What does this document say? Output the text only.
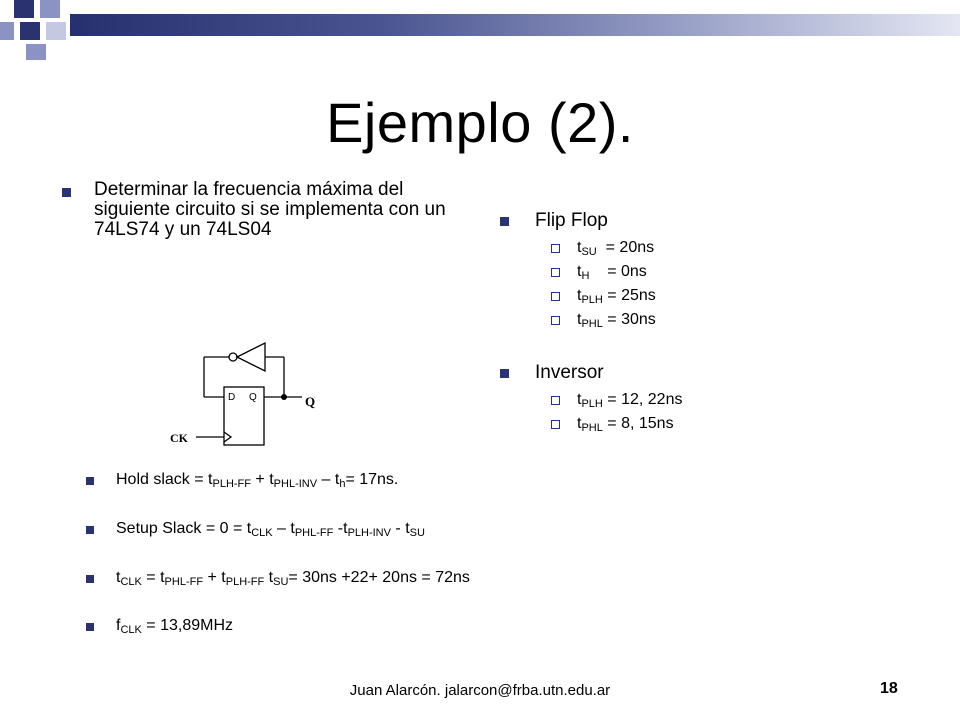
Ejemplo (2).
Determinar la frecuencia máxima del siguiente circuito si se implementa con un 74LS74 y un 74LS04	Flip Flop
$t_{SU} = 20ns$
$t_H$    = 0ns
$t_{PLH} = 25ns$
$t_{PHL} = 30ns$
Inversor
$t_{PLH} = 12$, 22ns
$t_{PHL} = 8$, 15ns
D Q	Q
CK
Hold slack = $t_{PLH-FF} + t_{PHL-INV} - t_h= 17ns$.
Setup Slack = $0 = t_{CLK} - t_{PHL-FF}$ $-t_{PLH-INV} - t_{SU}$
$t_{CLK} = t_{PHL-FF} + t_{PLH-FF}$ $t_{SU}= 30ns +22+ 20ns = 72ns$
$f_{CLK} = 13,89MHz$
Juan Alarcón. jalarcon@frba.utn.edu.ar	18
